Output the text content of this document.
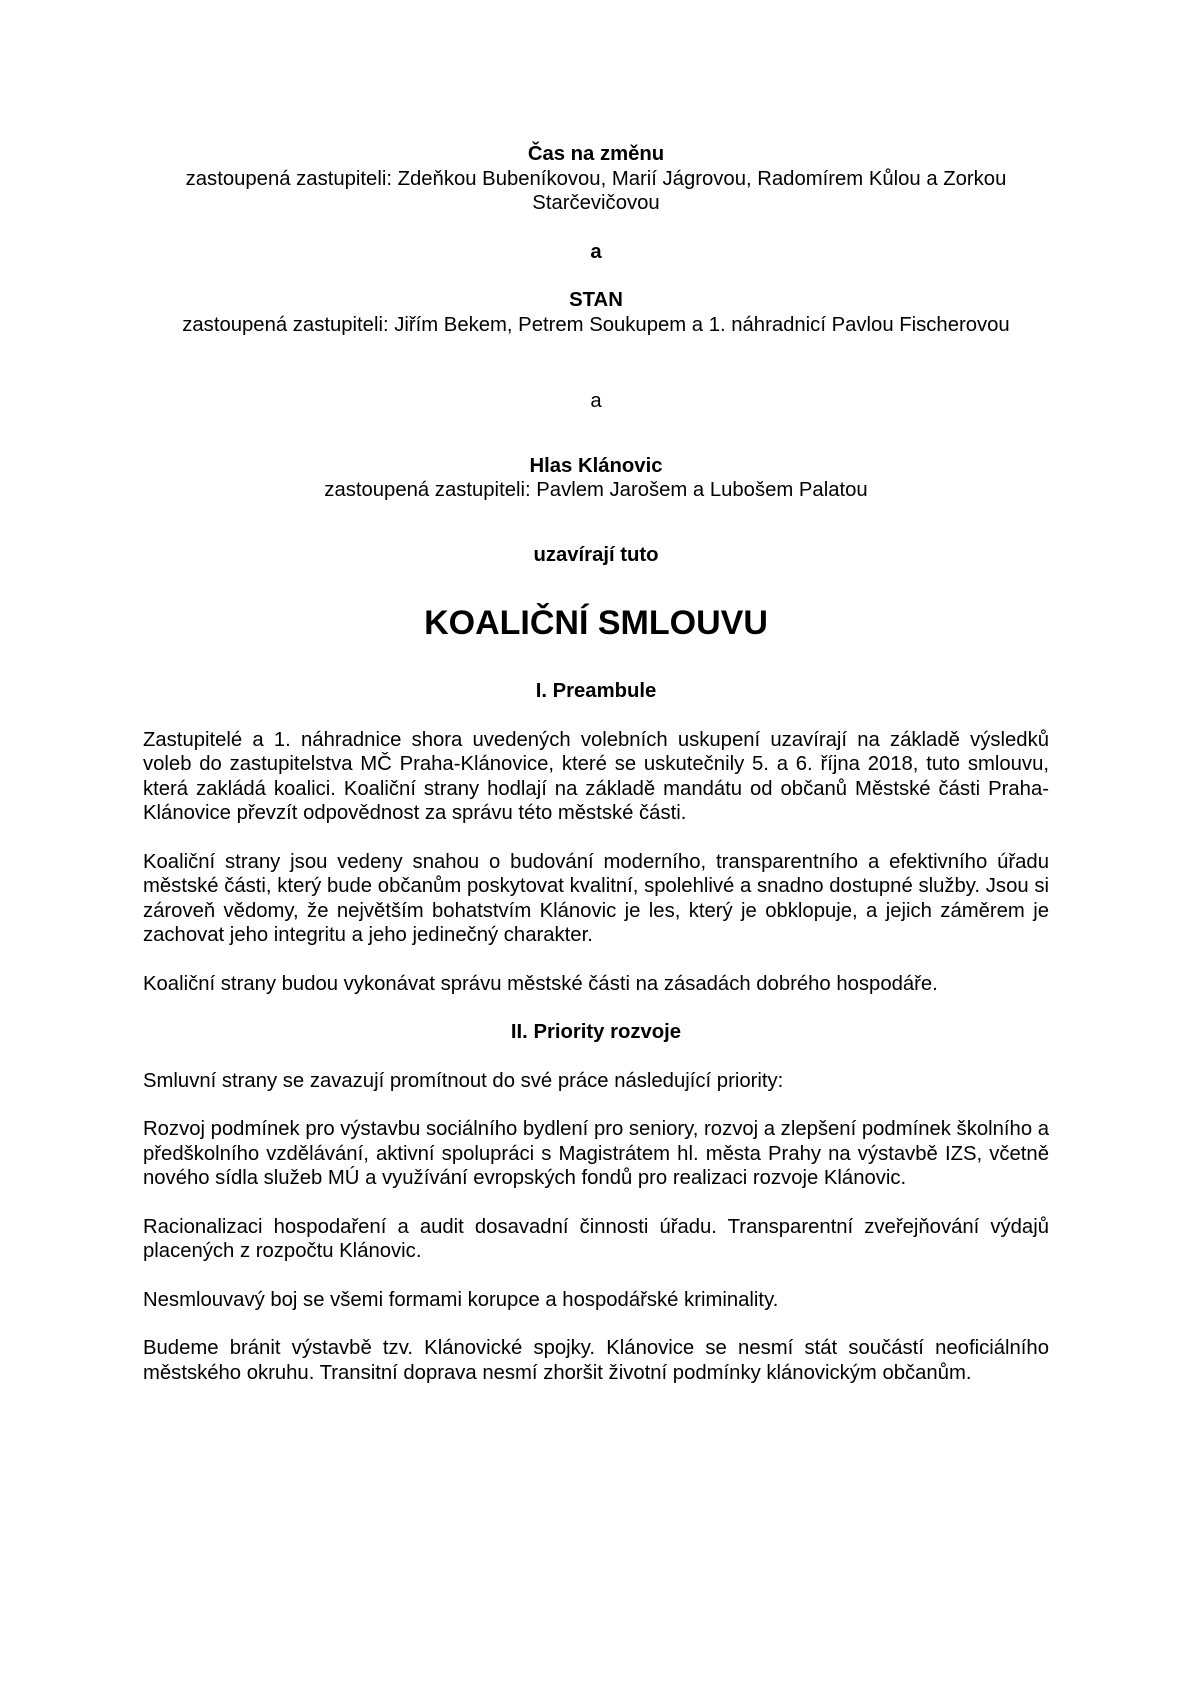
Čas na změnu
zastoupená zastupiteli: Zdeňkou Bubeníkovou, Marií Jágrovou, Radomírem Kůlou a Zorkou Starčevičovou
a
STAN
zastoupená zastupiteli: Jiřím Bekem, Petrem Soukupem a 1. náhradnicí Pavlou Fischerovou
a
Hlas Klánovic
zastoupená zastupiteli: Pavlem Jarošem a Lubošem Palatou
uzavírají tuto
KOALIČNÍ SMLOUVU
I. Preambule

Zastupitelé a 1. náhradnice shora uvedených volebních uskupení uzavírají na základě výsledků voleb do zastupitelstva MČ Praha-Klánovice, které se uskutečnily 5. a 6. října 2018, tuto smlouvu, která zakládá koalici. Koaliční strany hodlají na základě mandátu od občanů Městské části Praha-Klánovice převzít odpovědnost za správu této městské části.

Koaliční strany jsou vedeny snahou o budování moderního, transparentního a efektivního úřadu městské části, který bude občanům poskytovat kvalitní, spolehlivé a snadno dostupné služby. Jsou si zároveň vědomy, že největším bohatstvím Klánovic je les, který je obklopuje, a jejich záměrem je zachovat jeho integritu a jeho jedinečný charakter.

Koaliční strany budou vykonávat správu městské části na zásadách dobrého hospodáře.

II. Priority rozvoje

Smluvní strany se zavazují promítnout do své práce následující priority:

Rozvoj podmínek pro výstavbu sociálního bydlení pro seniory, rozvoj a zlepšení podmínek školního a předškolního vzdělávání, aktivní spolupráci s Magistrátem hl. města Prahy na výstavbě IZS, včetně nového sídla služeb MÚ a využívání evropských fondů pro realizaci rozvoje Klánovic.

Racionalizaci hospodaření a audit dosavadní činnosti úřadu. Transparentní zveřejňování výdajů placených z rozpočtu Klánovic.

Nesmlouvavý boj se všemi formami korupce a hospodářské kriminality.

Budeme bránit výstavbě tzv. Klánovické spojky. Klánovice se nesmí stát součástí neoficiálního městského okruhu. Transitní doprava nesmí zhoršit životní podmínky klánovickým občanům.
